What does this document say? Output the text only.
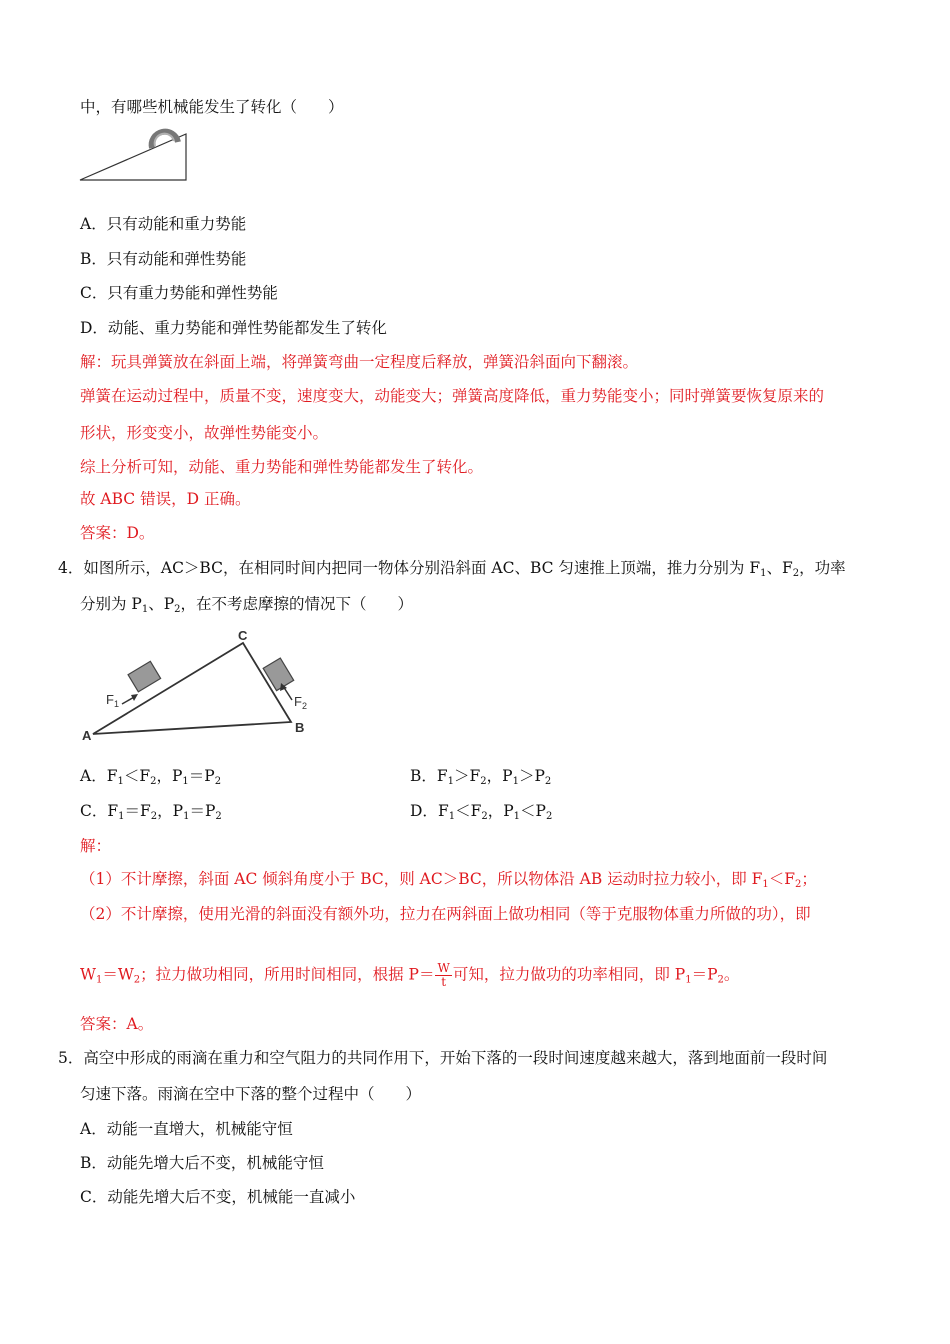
中，有哪些机械能发生了转化（　　）
A．只有动能和重力势能
B．只有动能和弹性势能
C．只有重力势能和弹性势能
D．动能、重力势能和弹性势能都发生了转化
解：玩具弹簧放在斜面上端，将弹簧弯曲一定程度后释放，弹簧沿斜面向下翻滚。
弹簧在运动过程中，质量不变，速度变大，动能变大；弹簧高度降低，重力势能变小；同时弹簧要恢复原来的
形状，形变变小，故弹性势能变小。
综上分析可知，动能、重力势能和弹性势能都发生了转化。
故 ABC 错误，D 正确。
答案：D。
4．如图所示，AC＞BC，在相同时间内把同一物体分别沿斜面 AC、BC 匀速推上顶端，推力分别为 $F_1$、$F_2$，功率
分别为 $P_1$、$P_2$，在不考虑摩擦的情况下（　　）
A
B
C
$F_1$	$F_2$
A．$F_1<F_2$，$P_1=P_2$	B．$F_1>F_2$，$P_1>P_2$
C．$F_1=F_2$，$P_1=P_2$	D．$F_1<F_2$，$P_1<P_2$
解：
（1）不计摩擦，斜面 AC 倾斜角度小于 BC，则 AC＞BC，所以物体沿 AB 运动时拉力较小，即 $F_1<F_2$；
（2）不计摩擦，使用光滑的斜面没有额外功，拉力在两斜面上做功相同（等于克服物体重力所做的功），即
$W_1=W_2$；拉力做功相同，所用时间相同，根据 $P= \frac{W}{t}$ 可知，拉力做功的功率相同，即 $P_1=P_2$。
答案：A。
5．高空中形成的雨滴在重力和空气阻力的共同作用下，开始下落的一段时间速度越来越大，落到地面前一段时间
匀速下落。雨滴在空中下落的整个过程中（　　）
A．动能一直增大，机械能守恒
B．动能先增大后不变，机械能守恒
C．动能先增大后不变，机械能一直减小
